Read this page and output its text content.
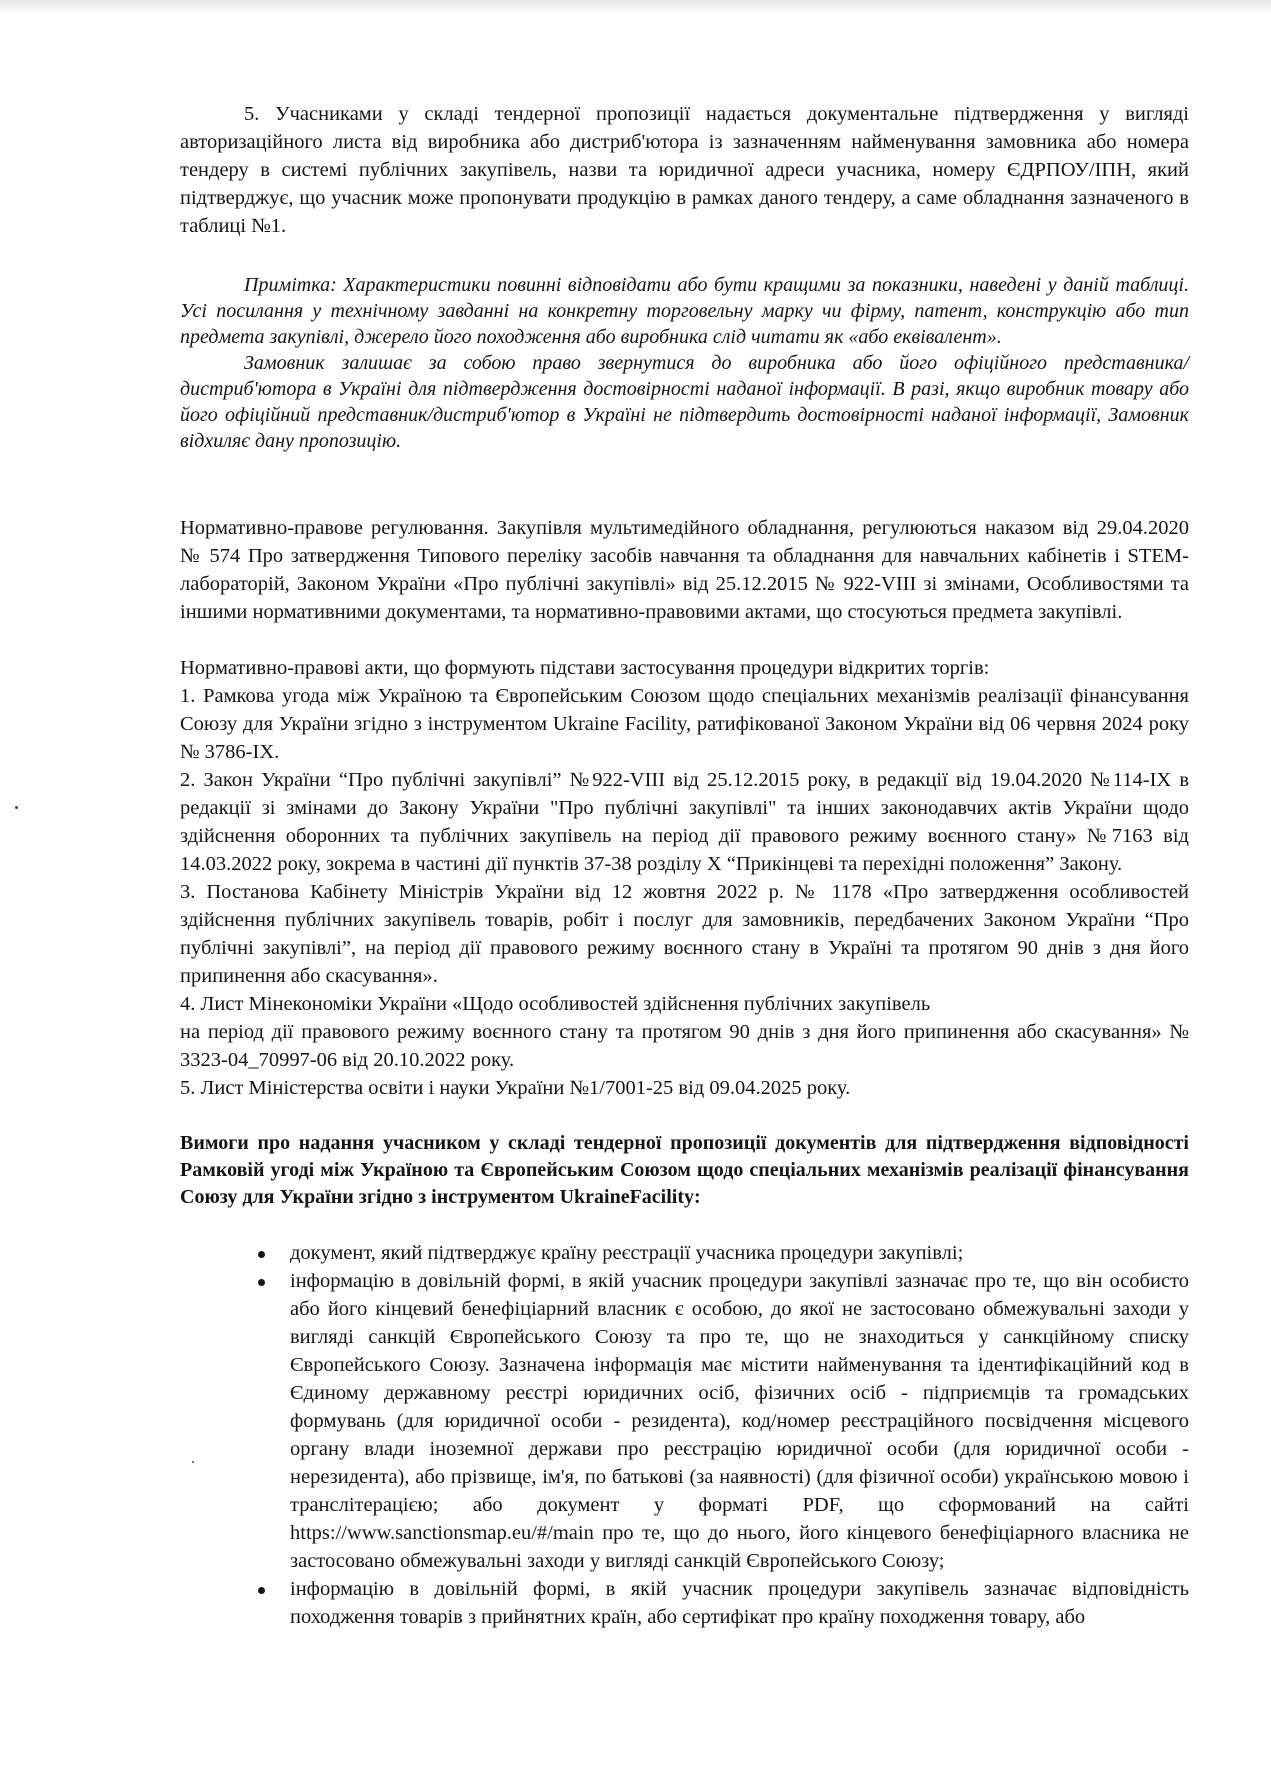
5. Учасниками у складі тендерної пропозиції надається документальне підтвердження у вигляді авторизаційного листа від виробника або дистриб'ютора із зазначенням найменування замовника або номера тендеру в системі публічних закупівель, назви та юридичної адреси учасника, номеру ЄДРПОУ/ІПН, який підтверджує, що учасник може пропонувати продукцію в рамках даного тендеру, а саме обладнання зазначеного в таблиці №1.

Примітка: Характеристики повинні відповідати або бути кращими за показники, наведені у даній таблиці. Усі посилання у технічному завданні на конкретну торговельну марку чи фірму, патент, конструкцію або тип предмета закупівлі, джерело його походження або виробника слід читати як «або еквівалент».

Замовник залишає за собою право звернутися до виробника або його офіційного представника/дистриб'ютора в Україні для підтвердження достовірності наданої інформації. В разі, якщо виробник товару або його офіційний представник/дистриб'ютор в Україні не підтвердить достовірності наданої інформації, Замовник відхиляє дану пропозицію.

Нормативно-правове регулювання. Закупівля мультимедійного обладнання, регулюються наказом від 29.04.2020 № 574 Про затвердження Типового переліку засобів навчання та обладнання для навчальних кабінетів і STEM-лабораторій, Законом України «Про публічні закупівлі» від 25.12.2015 № 922-VIII зі змінами, Особливостями та іншими нормативними документами, та нормативно-правовими актами, що стосуються предмета закупівлі.

Нормативно-правові акти, що формують підстави застосування процедури відкритих торгів:

1. Рамкова угода між Україною та Європейським Союзом щодо спеціальних механізмів реалізації фінансування Союзу для України згідно з інструментом Ukraine Facility, ратифікованої Законом України від 06 червня 2024 року № 3786-IX.

2. Закон України “Про публічні закупівлі” №922-VIII від 25.12.2015 року, в редакції від 19.04.2020 №114-IX в редакції зі змінами до Закону України "Про публічні закупівлі" та інших законодавчих актів України щодо здійснення оборонних та публічних закупівель на період дії правового режиму воєнного стану» №7163 від 14.03.2022 року, зокрема в частині дії пунктів 37-38 розділу X “Прикінцеві та перехідні положення” Закону.

3. Постанова Кабінету Міністрів України від 12 жовтня 2022 р. № 1178 «Про затвердження особливостей здійснення публічних закупівель товарів, робіт і послуг для замовників, передбачених Законом України “Про публічні закупівлі”, на період дії правового режиму воєнного стану в Україні та протягом 90 днів з дня його припинення або скасування».

4. Лист Мінекономіки України «Щодо особливостей здійснення публічних закупівель

на період дії правового режиму воєнного стану та протягом 90 днів з дня його припинення або скасування» № 3323-04_70997-06 від 20.10.2022 року.

5. Лист Міністерства освіти і науки України №1/7001-25 від 09.04.2025 року.

Вимоги про надання учасником у складі тендерної пропозиції документів для підтвердження відповідності Рамковій угоді між Україною та Європейським Союзом щодо спеціальних механізмів реалізації фінансування Союзу для України згідно з інструментом UkraineFacility:

документ, який підтверджує країну реєстрації учасника процедури закупівлі;
інформацію в довільній формі, в якій учасник процедури закупівлі зазначає про те, що він особисто або його кінцевий бенефіціарний власник є особою, до якої не застосовано обмежувальні заходи у вигляді санкцій Європейського Союзу та про те, що не знаходиться у санкційному списку Європейського Союзу. Зазначена інформація має містити найменування та ідентифікаційний код в Єдиному державному реєстрі юридичних осіб, фізичних осіб - підприємців та громадських формувань (для юридичної особи - резидента), код/номер реєстраційного посвідчення місцевого органу влади іноземної держави про реєстрацію юридичної особи (для юридичної особи - нерезидента), або прізвище, ім'я, по батькові (за наявності) (для фізичної особи) українською мовою і транслітерацією; або документ у форматі PDF, що сформований на сайті https://www.sanctionsmap.eu/#/main про те, що до нього, його кінцевого бенефіціарного власника не застосовано обмежувальні заходи у вигляді санкцій Європейського Союзу;
інформацію в довільній формі, в якій учасник процедури закупівель зазначає відповідність походження товарів з прийнятних країн, або сертифікат про країну походження товару, або
